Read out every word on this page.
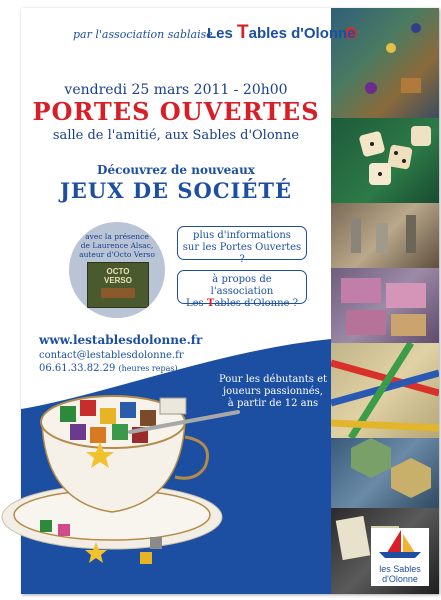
les Sables
d'Olonne
par l'association sablaise
Les Tables d'Olonne
vendredi 25 mars 2011 - 20h00
PORTES OUVERTES
salle de l'amitié, aux Sables d'Olonne
Découvrez de nouveaux
JEUX DE SOCIÉTÉ
avec la présence
de Laurence Alsac,
auteur d'Octo Verso
OCTO
VERSO
plus d'informations
sur les Portes Ouvertes ?
à propos de l'association
Les Tables d'Olonne ?
www.lestablesdolonne.fr
contact@lestablesdolonne.fr
06.61.33.82.29 (heures repas)
Pour les débutants et
joueurs passionnés,
à partir de 12 ans
